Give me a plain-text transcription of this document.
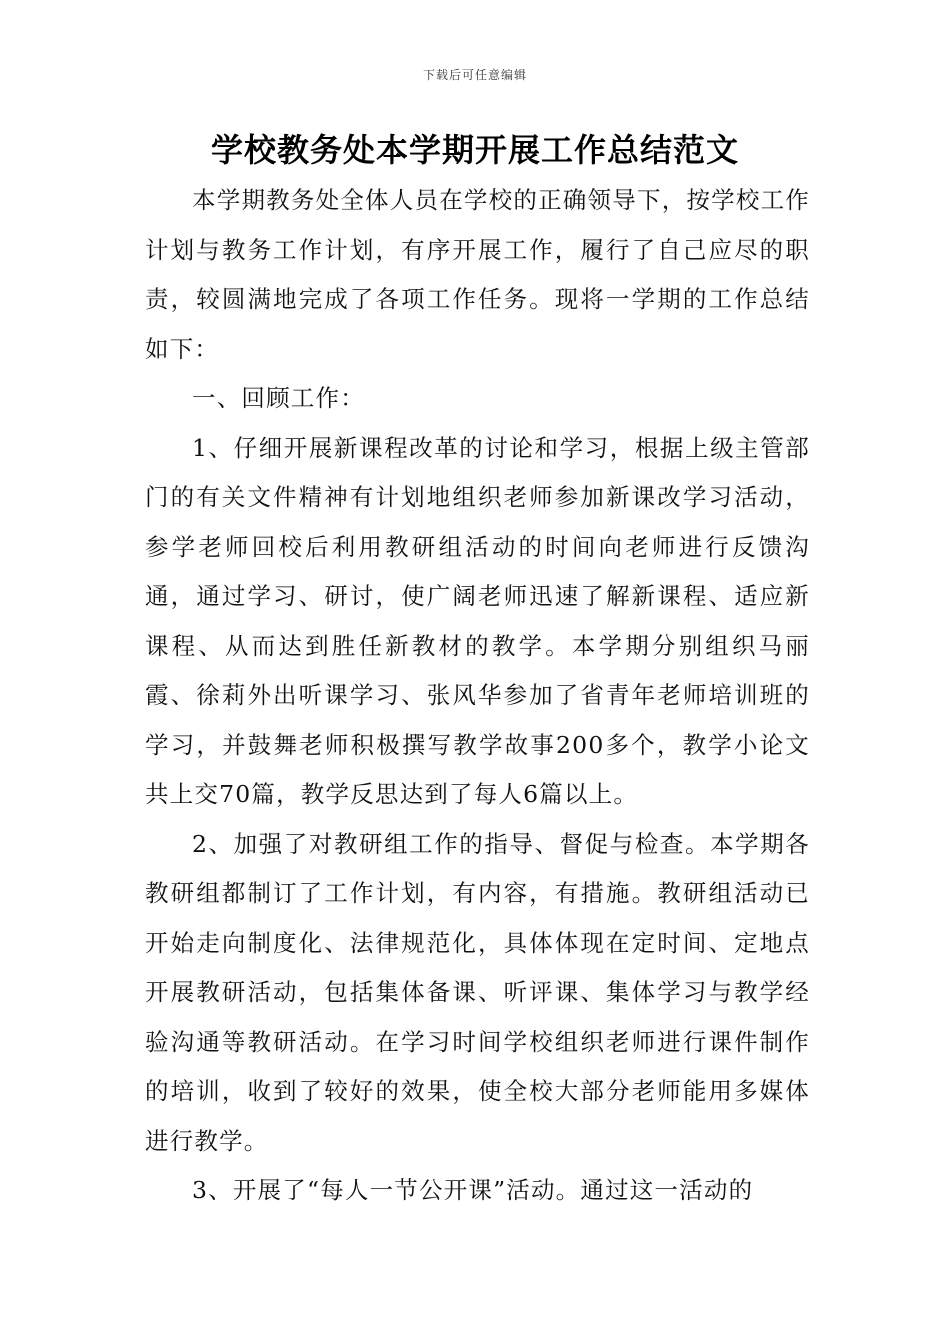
下载后可任意编辑
学校教务处本学期开展工作总结范文

本学期教务处全体人员在学校的正确领导下，按学校工作计划与教务工作计划，有序开展工作，履行了自己应尽的职责，较圆满地完成了各项工作任务。现将一学期的工作总结如下：

一、回顾工作：

1、仔细开展新课程改革的讨论和学习，根据上级主管部门的有关文件精神有计划地组织老师参加新课改学习活动，参学老师回校后利用教研组活动的时间向老师进行反馈沟通，通过学习、研讨，使广阔老师迅速了解新课程、适应新课程、从而达到胜任新教材的教学。本学期分别组织马丽霞、徐莉外出听课学习、张风华参加了省青年老师培训班的学习，并鼓舞老师积极撰写教学故事200多个，教学小论文共上交70篇，教学反思达到了每人6篇以上。

2、加强了对教研组工作的指导、督促与检查。本学期各教研组都制订了工作计划，有内容，有措施。教研组活动已开始走向制度化、法律规范化，具体体现在定时间、定地点开展教研活动，包括集体备课、听评课、集体学习与教学经验沟通等教研活动。在学习时间学校组织老师进行课件制作的培训，收到了较好的效果，使全校大部分老师能用多媒体进行教学。

3、开展了“每人一节公开课”活动。通过这一活动的
